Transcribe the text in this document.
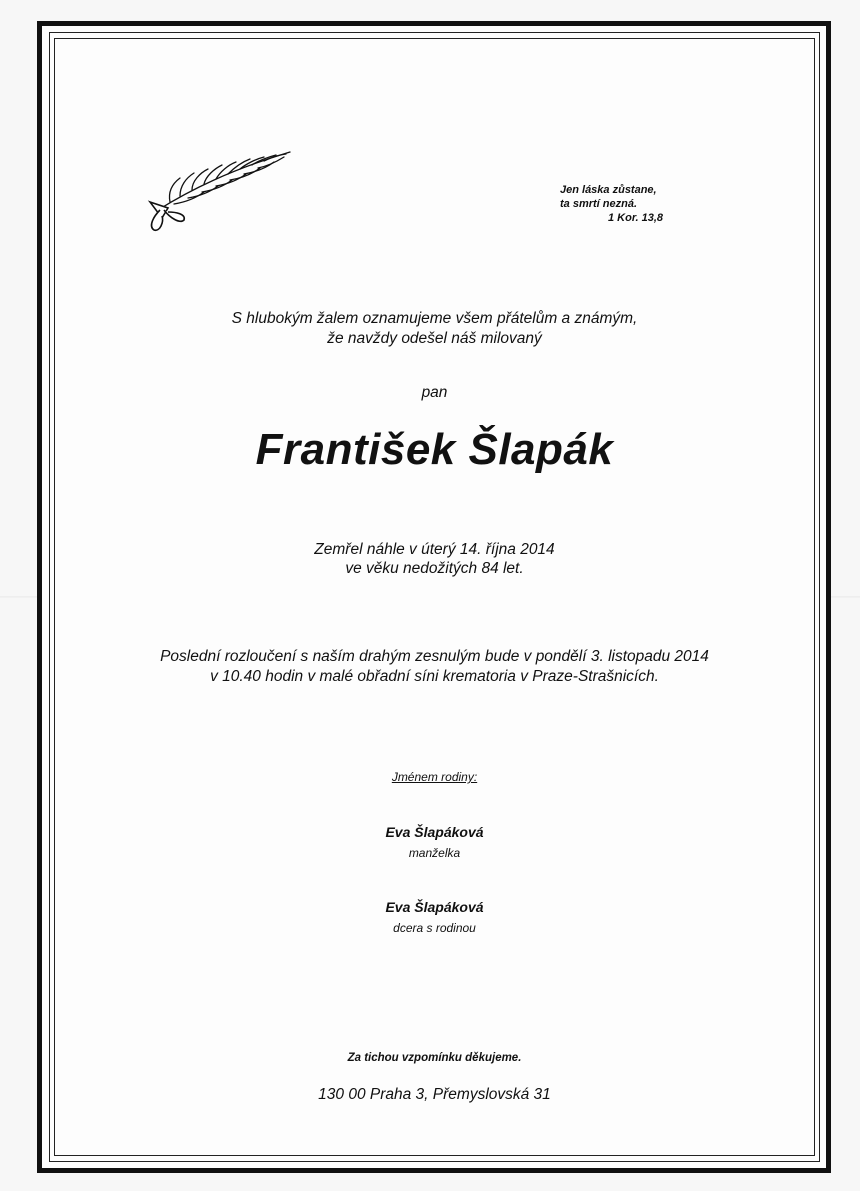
Jen láska zůstane,
ta smrtí nezná.
1 Kor. 13,8
S hlubokým žalem oznamujeme všem přátelům a známým,
že navždy odešel náš milovaný
pan
František Šlapák
Zemřel náhle v úterý 14. října 2014
ve věku nedožitých 84 let.
Poslední rozloučení s naším drahým zesnulým bude v pondělí 3. listopadu 2014
v 10.40 hodin v malé obřadní síni krematoria v Praze-Strašnicích.
Jménem rodiny:
Eva Šlapáková
manželka
Eva Šlapáková
dcera s rodinou
Za tichou vzpomínku děkujeme.
130 00 Praha 3, Přemyslovská 31
